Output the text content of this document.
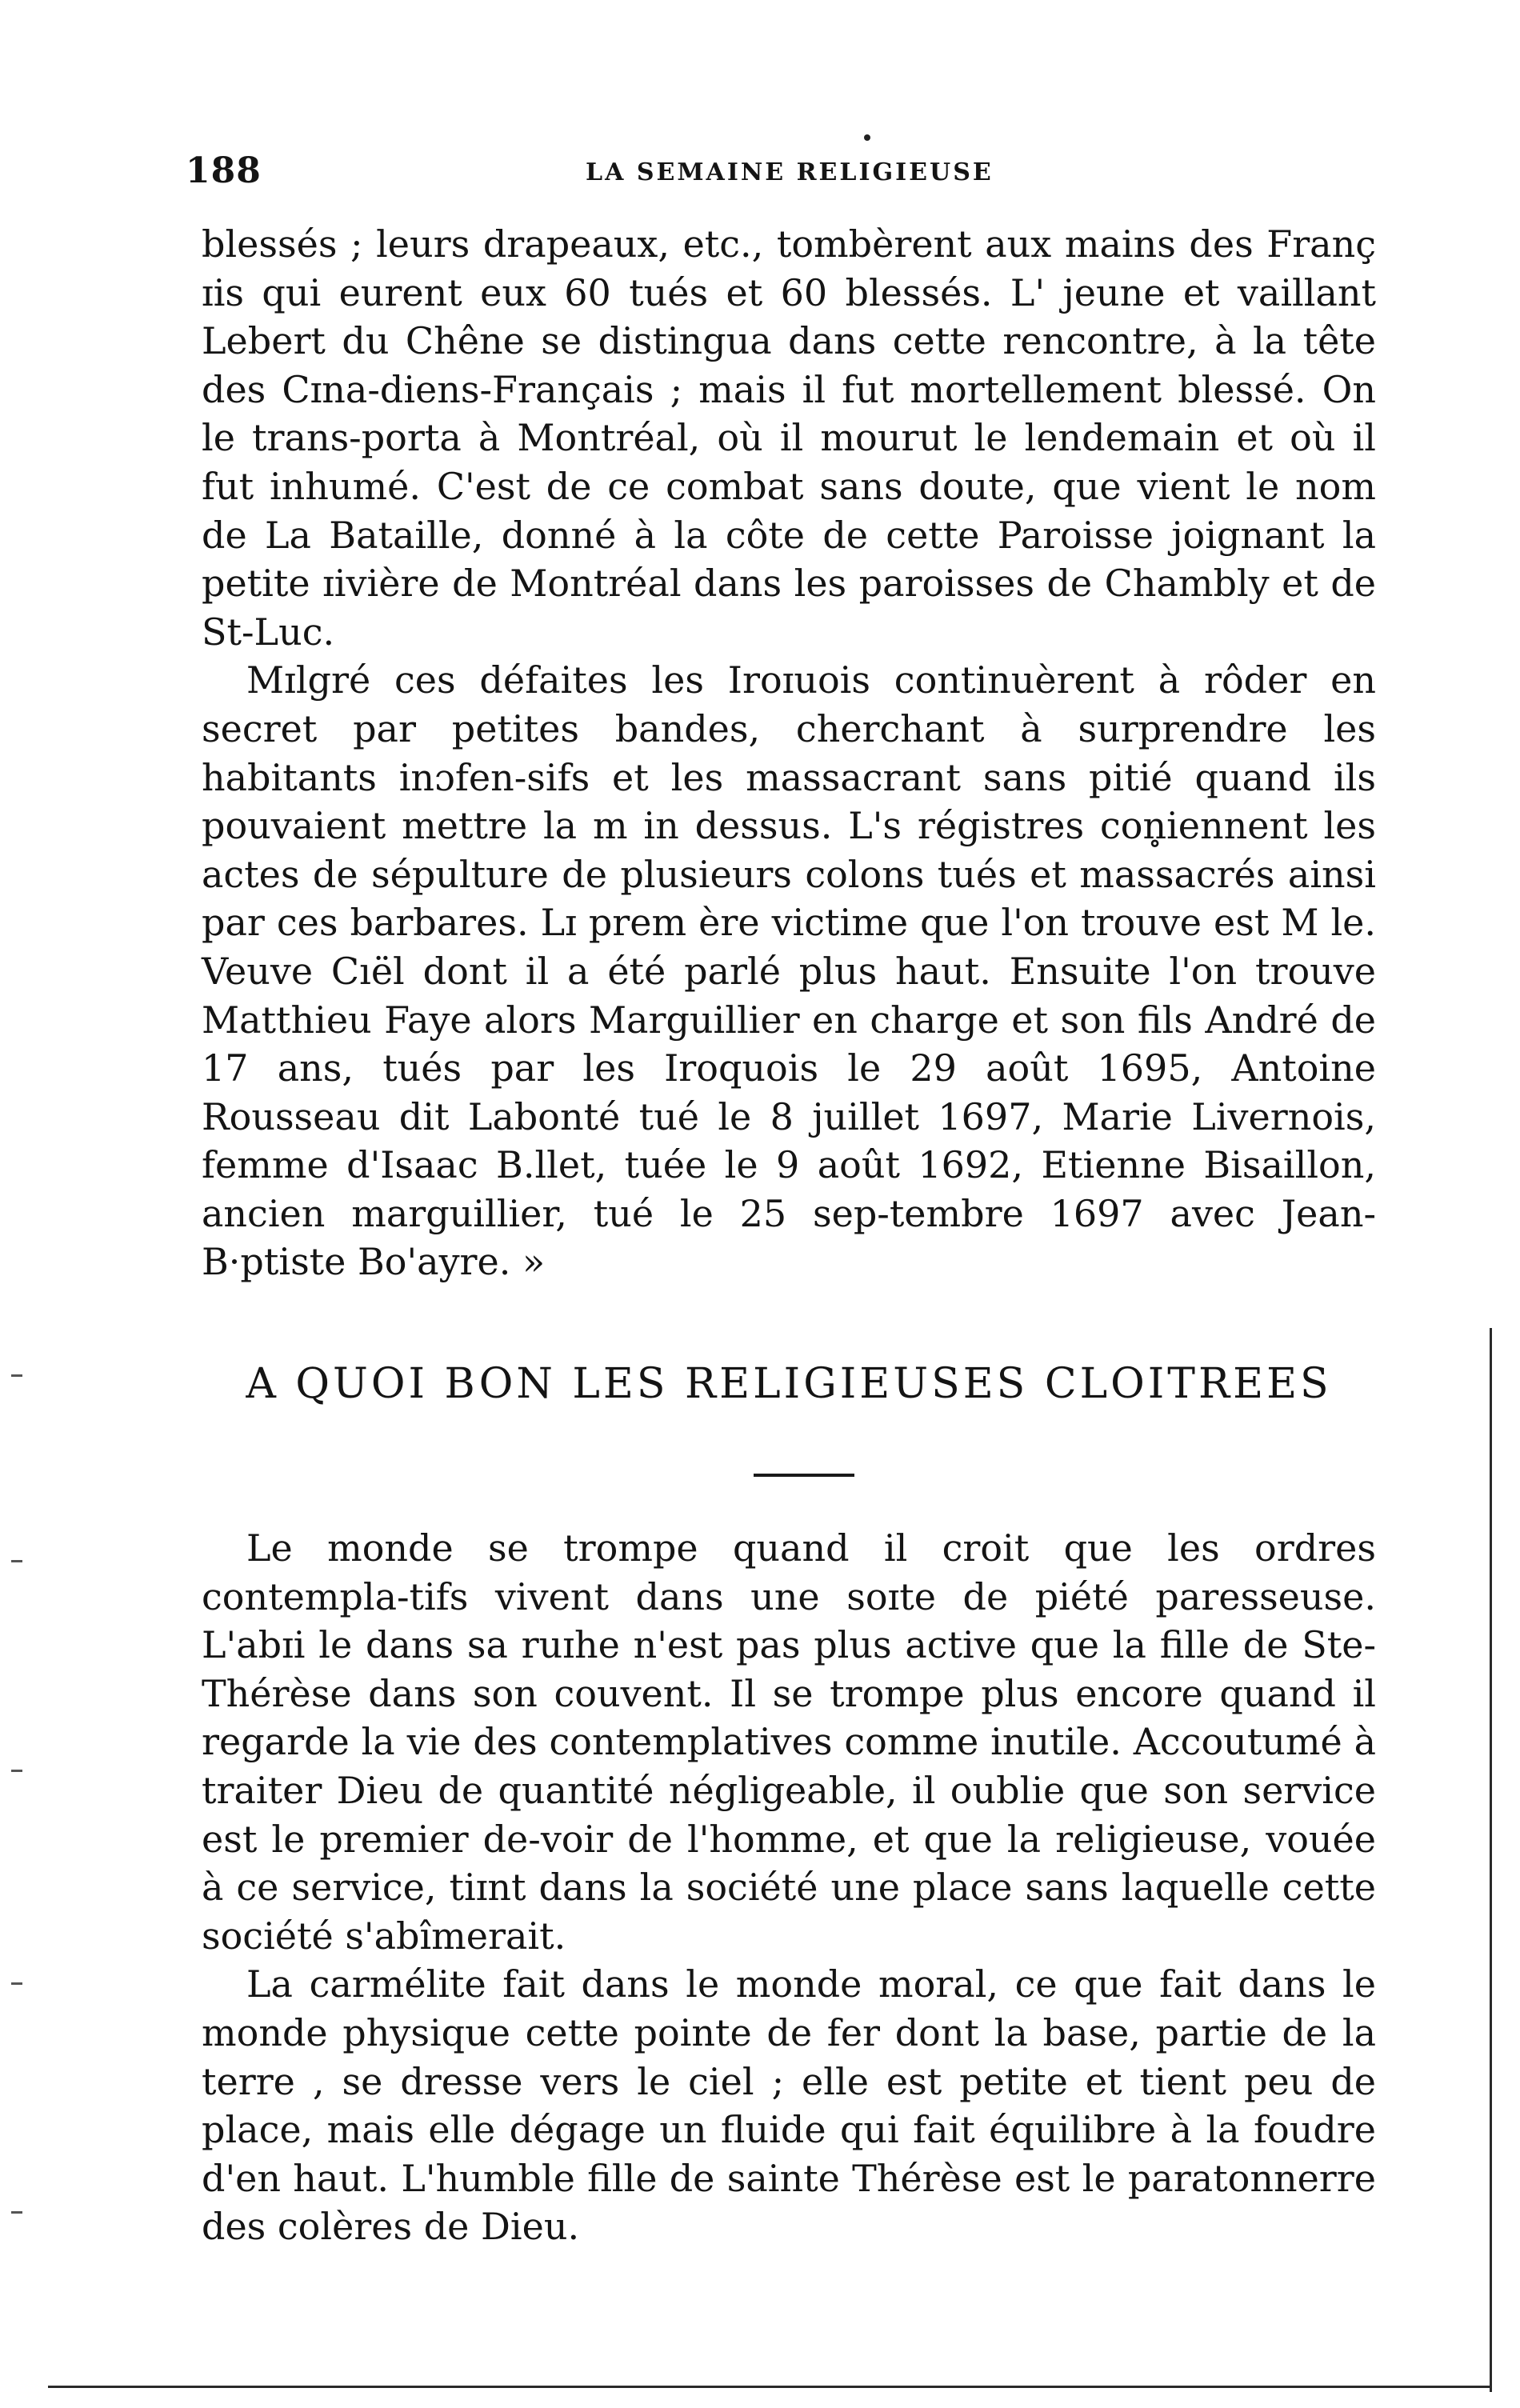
188	LA SEMAINE RELIGIEUSE

blessés ; leurs drapeaux, etc., tombèrent aux mains des Franç ɪis qui eurent eux 60 tués et 60 blessés. L' jeune et vaillant Lebert du Chêne se distingua dans cette rencontre, à la tête des Cɪna-diens-Français ; mais il fut mortellement blessé. On le trans-porta à Montréal, où il mourut le lendemain et où il fut inhumé. C'est de ce combat sans doute, que vient le nom de La Bataille, donné à la côte de cette Paroisse joignant la petite ɪivière de Montréal dans les paroisses de Chambly et de St-Luc.

Mɪlgré ces défaites les Iroɪuois continuèrent à rôder en secret par petites bandes, cherchant à surprendre les habitants inɔfen-sifs et les massacrant sans pitié quand ils pouvaient mettre la m in dessus. L's régistres con̥iennent les actes de sépulture de plusieurs colons tués et massacrés ainsi par ces barbares. Lɪ prem ère victime que l'on trouve est M le. Veuve Cıël dont il a été parlé plus haut. Ensuite l'on trouve Matthieu Faye alors Marguillier en charge et son fils André de 17 ans, tués par les Iroquois le 29 août 1695, Antoine Rousseau dit Labonté tué le 8 juillet 1697, Marie Livernois, femme d'Isaac B.llet, tuée le 9 août 1692, Etienne Bisaillon, ancien marguillier, tué le 25 sep-tembre 1697 avec Jean-B·ptiste Bo'ayre. »

A QUOI BON LES RELIGIEUSES CLOITREES

Le monde se trompe quand il croit que les ordres contempla-tifs vivent dans une soɪte de piété paresseuse. L'abɪi le dans sa ruɪhe n'est pas plus active que la fille de Ste-Thérèse dans son couvent. Il se trompe plus encore quand il regarde la vie des contemplatives comme inutile. Accoutumé à traiter Dieu de quantité négligeable, il oublie que son service est le premier de-voir de l'homme, et que la religieuse, vouée à ce service, tiɪnt dans la société une place sans laquelle cette société s'abîmerait.

La carmélite fait dans le monde moral, ce que fait dans le monde physique cette pointe de fer dont la base, partie de la terre , se dresse vers le ciel ; elle est petite et tient peu de place, mais elle dégage un fluide qui fait équilibre à la foudre d'en haut. L'humble fille de sainte Thérèse est le paratonnerre des colères de Dieu.
